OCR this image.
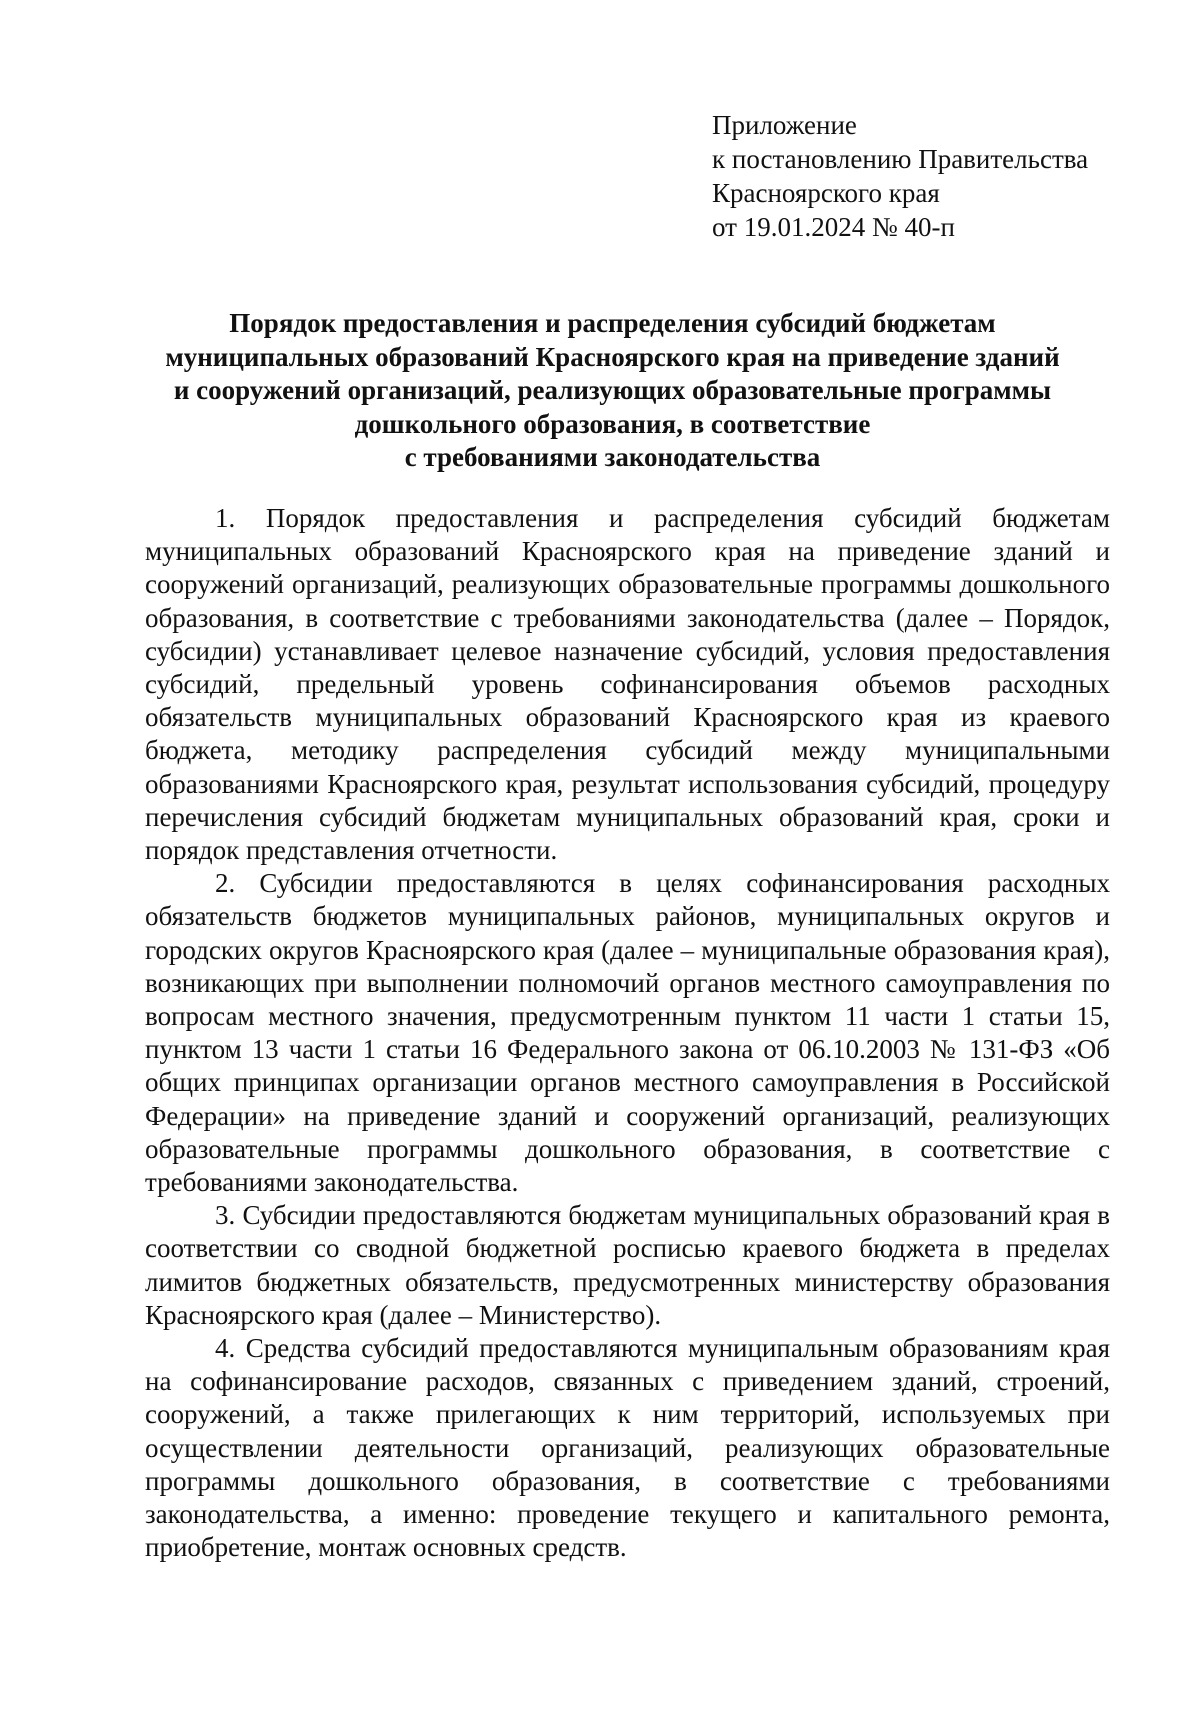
Приложение
к постановлению Правительства
Красноярского края
от 19.01.2024 № 40-п
Порядок предоставления и распределения субсидий бюджетам
муниципальных образований Красноярского края на приведение зданий
и сооружений организаций, реализующих образовательные программы
дошкольного образования, в соответствие
с требованиями законодательства

1. Порядок предоставления и распределения субсидий бюджетам муниципальных образований Красноярского края на приведение зданий и сооружений организаций, реализующих образовательные программы дошкольного образования, в соответствие с требованиями законодательства (далее – Порядок, субсидии) устанавливает целевое назначение субсидий, условия предоставления субсидий, предельный уровень софинансирования объемов расходных обязательств муниципальных образований Красноярского края из краевого бюджета, методику распределения субсидий между муниципальными образованиями Красноярского края, результат использования субсидий, процедуру перечисления субсидий бюджетам муниципальных образований края, сроки и порядок представления отчетности.

2. Субсидии предоставляются в целях софинансирования расходных обязательств бюджетов муниципальных районов, муниципальных округов и городских округов Красноярского края (далее – муниципальные образования края), возникающих при выполнении полномочий органов местного самоуправления по вопросам местного значения, предусмотренным пунктом 11 части 1 статьи 15, пунктом 13 части 1 статьи 16 Федерального закона от 06.10.2003 № 131-ФЗ «Об общих принципах организации органов местного самоуправления в Российской Федерации» на приведение зданий и сооружений организаций, реализующих образовательные программы дошкольного образования, в соответствие с требованиями законодательства.

3. Субсидии предоставляются бюджетам муниципальных образований края в соответствии со сводной бюджетной росписью краевого бюджета в пределах лимитов бюджетных обязательств, предусмотренных министерству образования Красноярского края (далее – Министерство).

4. Средства субсидий предоставляются муниципальным образованиям края на софинансирование расходов, связанных с приведением зданий, строений, сооружений, а также прилегающих к ним территорий, используемых при осуществлении деятельности организаций, реализующих образовательные программы дошкольного образования, в соответствие с требованиями законодательства, а именно: проведение текущего и капитального ремонта, приобретение, монтаж основных средств.
